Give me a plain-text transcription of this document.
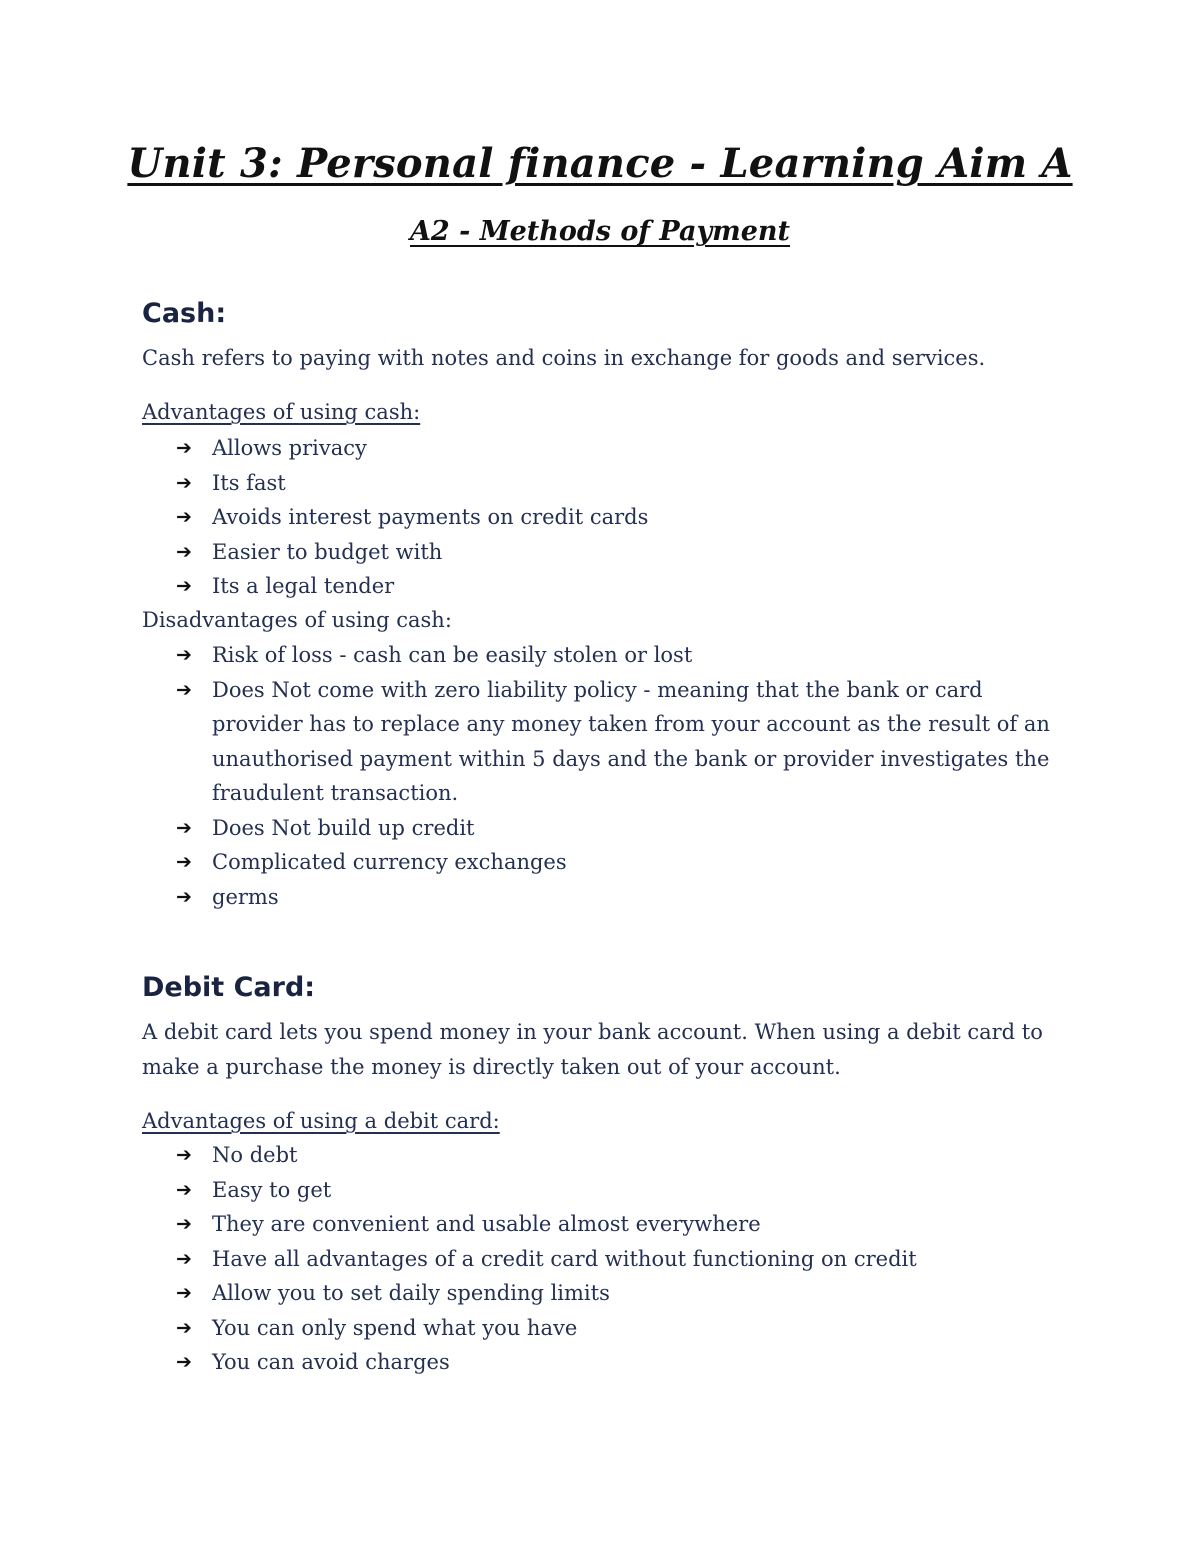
Unit 3: Personal finance - Learning Aim A
A2 - Methods of Payment
Cash:

Cash refers to paying with notes and coins in exchange for goods and services.

Advantages of using cash:

➔ Allows privacy
➔ Its fast
➔ Avoids interest payments on credit cards
➔ Easier to budget with
➔ Its a legal tender

Disadvantages of using cash:

➔ Risk of loss - cash can be easily stolen or lost
➔ Does Not come with zero liability policy - meaning that the bank or card provider has to replace any money taken from your account as the result of an unauthorised payment within 5 days and the bank or provider investigates the fraudulent transaction.
➔ Does Not build up credit
➔ Complicated currency exchanges
➔ germs
Debit Card:

A debit card lets you spend money in your bank account. When using a debit card to make a purchase the money is directly taken out of your account.

Advantages of using a debit card:

➔ No debt
➔ Easy to get
➔ They are convenient and usable almost everywhere
➔ Have all advantages of a credit card without functioning on credit
➔ Allow you to set daily spending limits
➔ You can only spend what you have
➔ You can avoid charges
